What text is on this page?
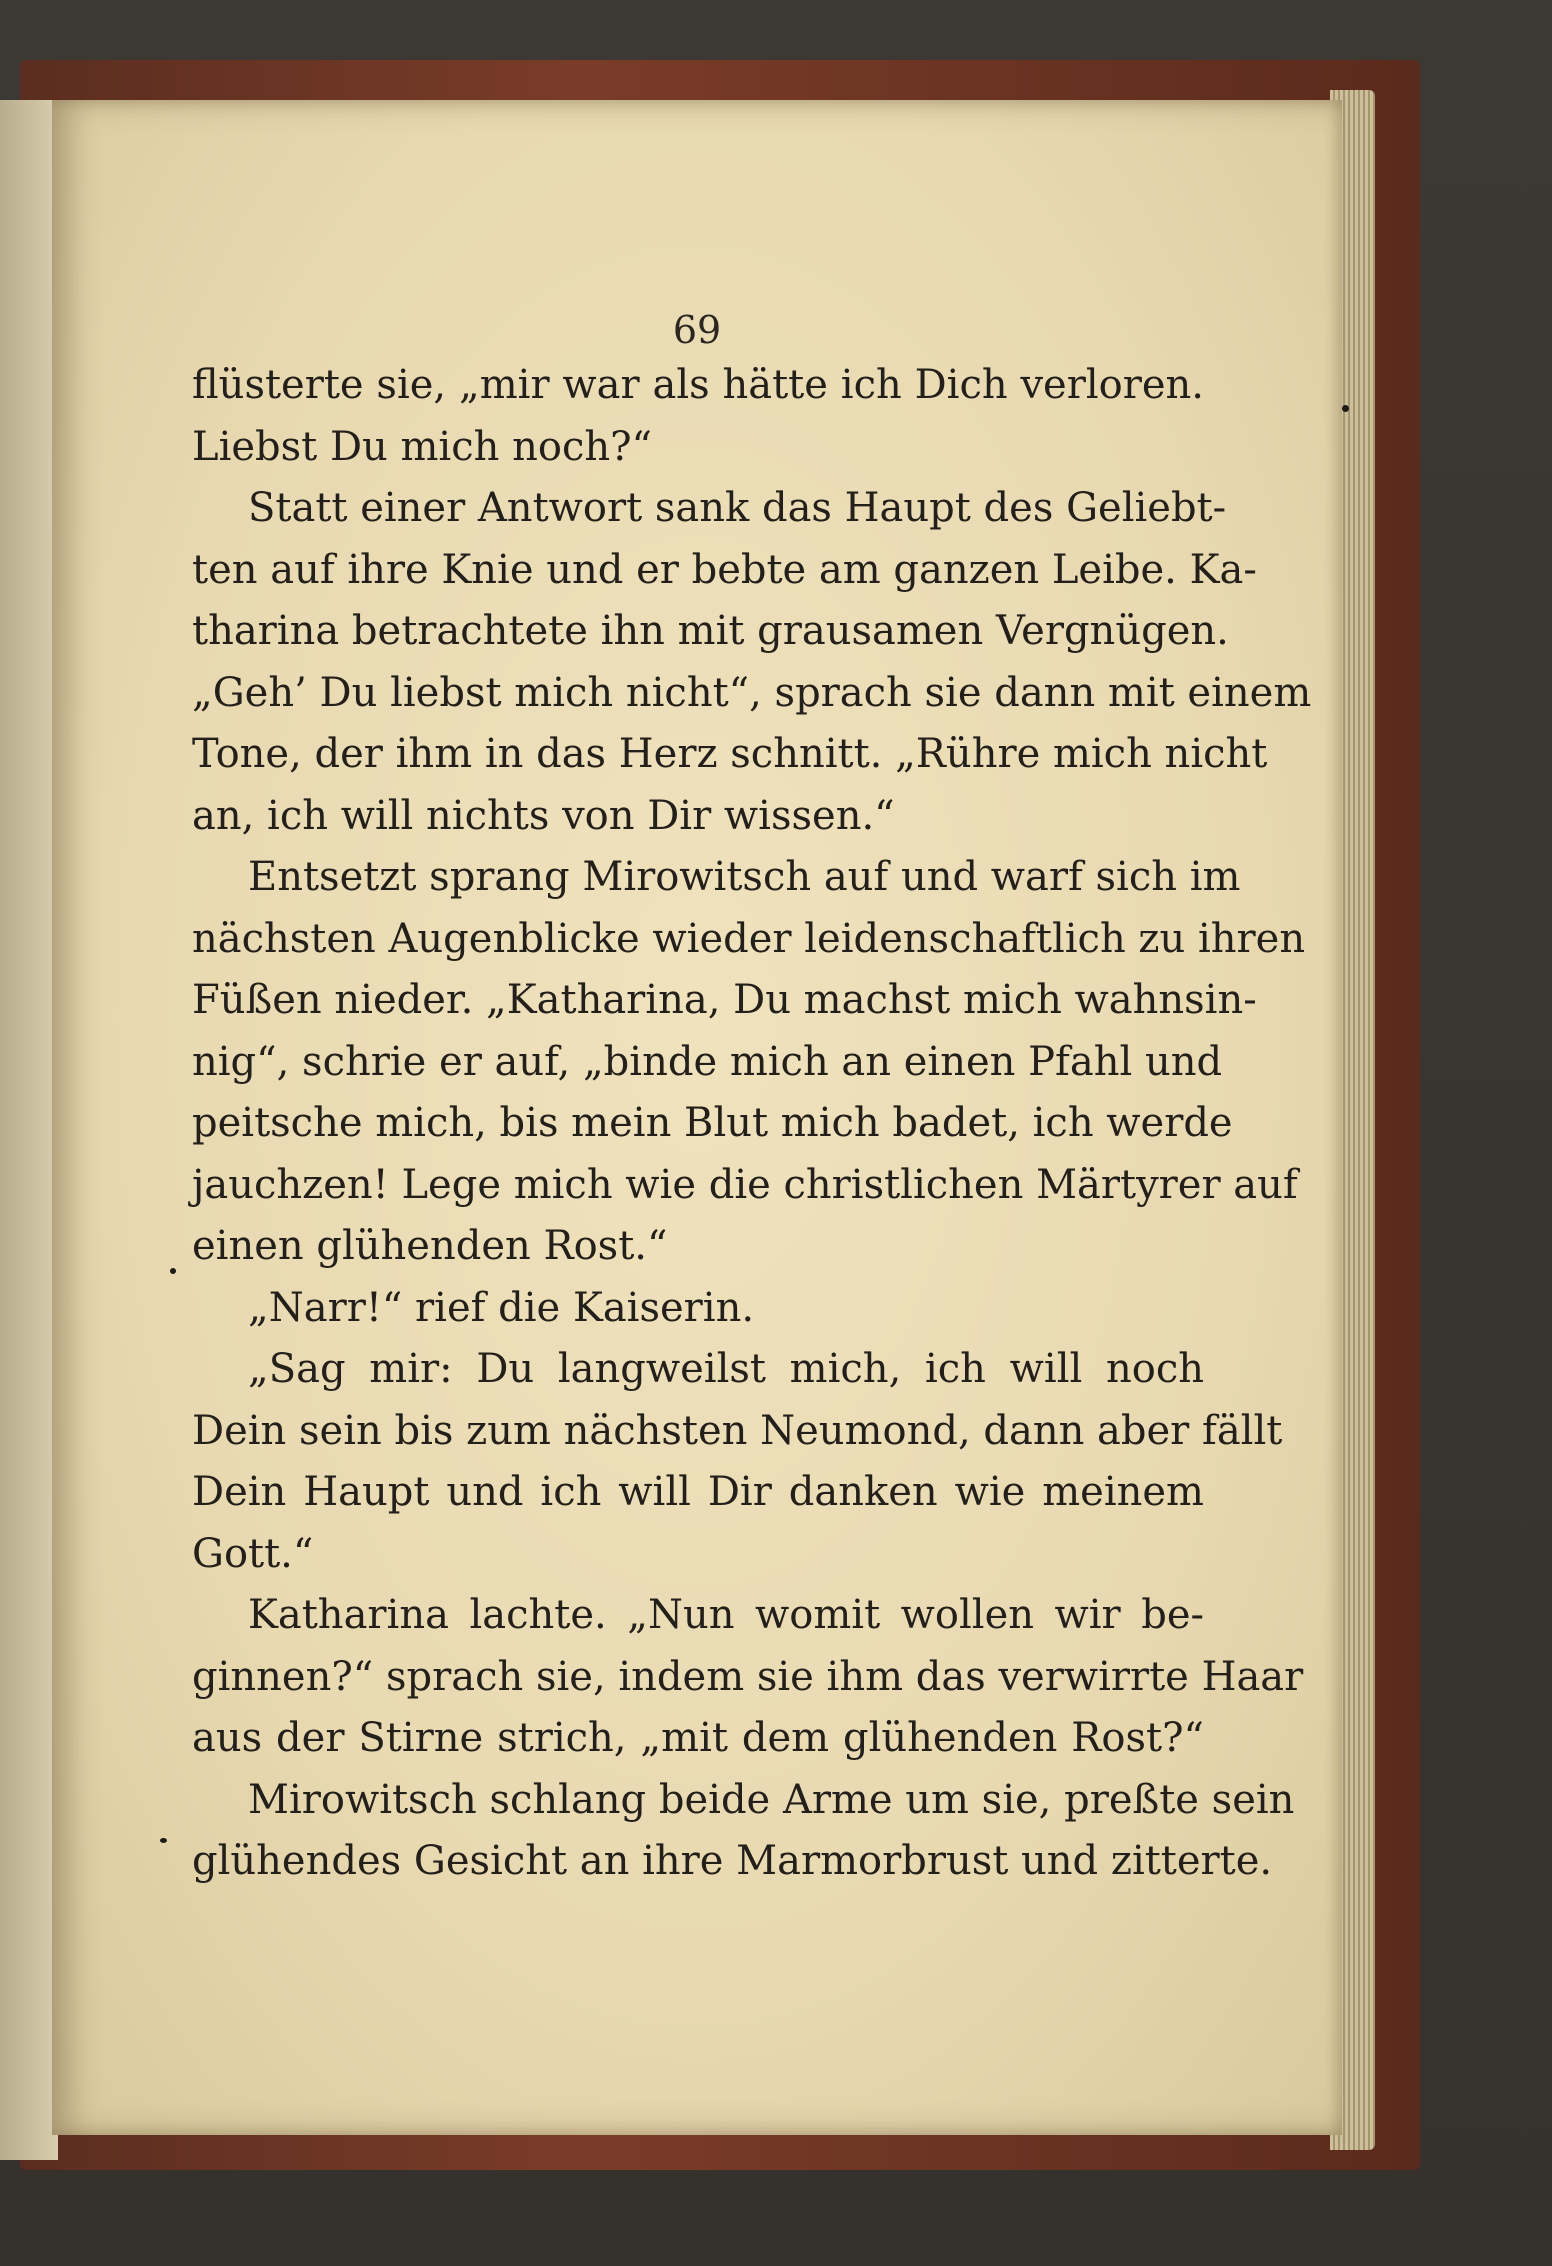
69
flüsterte sie, „mir war als hätte ich Dich verloren.
Liebst Du mich noch?“
Statt einer Antwort sank das Haupt des Geliebt-
ten auf ihre Knie und er bebte am ganzen Leibe. Ka-
tharina betrachtete ihn mit grausamen Vergnügen.
„Geh’ Du liebst mich nicht“, sprach sie dann mit einem
Tone, der ihm in das Herz schnitt. „Rühre mich nicht
an, ich will nichts von Dir wissen.“
Entsetzt sprang Mirowitsch auf und warf sich im
nächsten Augenblicke wieder leidenschaftlich zu ihren
Füßen nieder. „Katharina, Du machst mich wahnsin-
nig“, schrie er auf, „binde mich an einen Pfahl und
peitsche mich, bis mein Blut mich badet, ich werde
jauchzen! Lege mich wie die christlichen Märtyrer auf
einen glühenden Rost.“
„Narr!“ rief die Kaiserin.
„Sag mir: Du langweilst mich, ich will noch
Dein sein bis zum nächsten Neumond, dann aber fällt
Dein Haupt und ich will Dir danken wie meinem
Gott.“
Katharina lachte. „Nun womit wollen wir be-
ginnen?“ sprach sie, indem sie ihm das verwirrte Haar
aus der Stirne strich, „mit dem glühenden Rost?“
Mirowitsch schlang beide Arme um sie, preßte sein
glühendes Gesicht an ihre Marmorbrust und zitterte.
